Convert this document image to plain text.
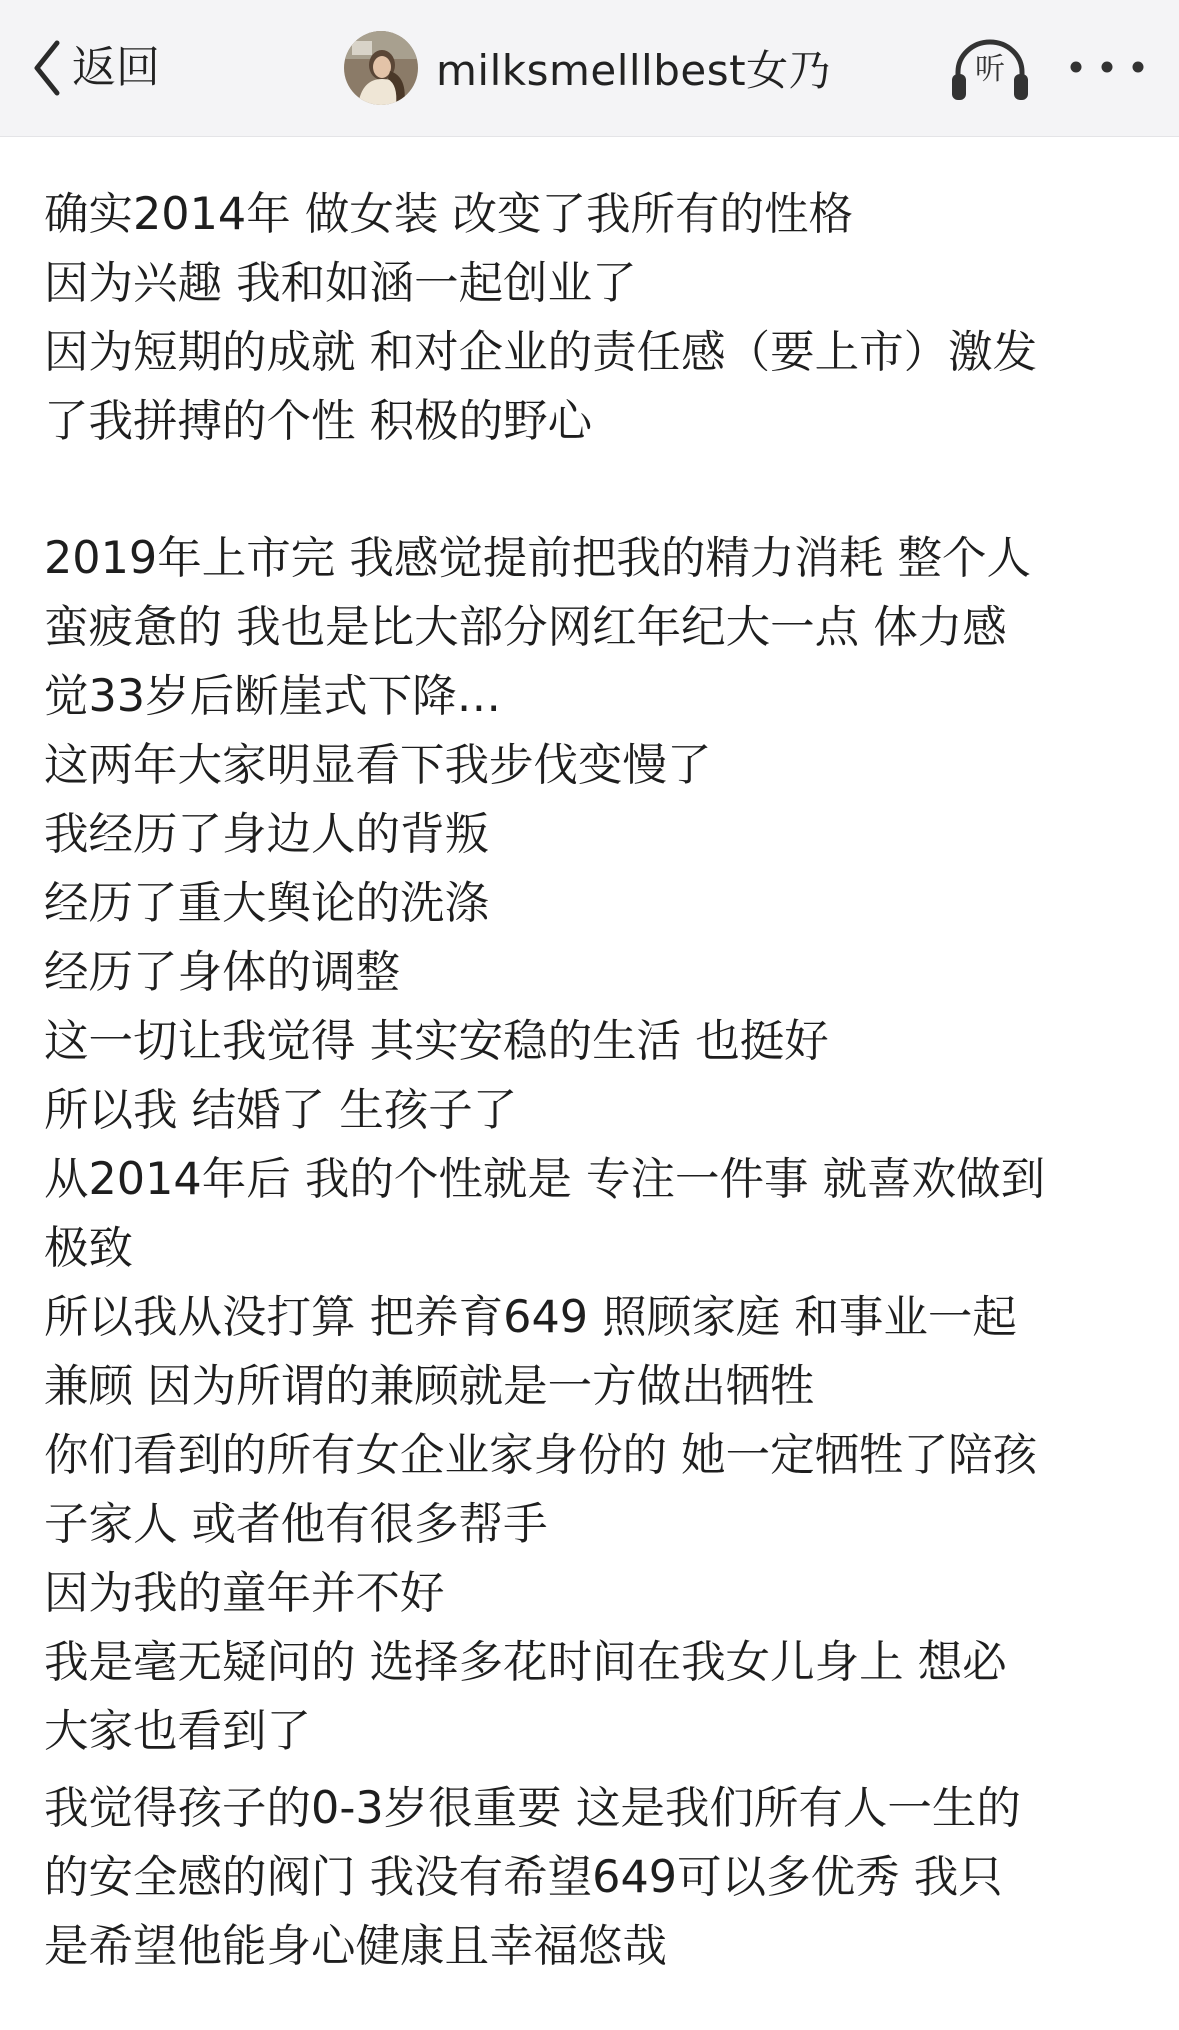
返回	milksmelllbest女乃	听
确实2014年 做女装 改变了我所有的性格
因为兴趣 我和如涵一起创业了
因为短期的成就 和对企业的责任感（要上市）激发
了我拼搏的个性 积极的野心
2019年上市完 我感觉提前把我的精力消耗 整个人
蛮疲惫的 我也是比大部分网红年纪大一点 体力感
觉33岁后断崖式下降…
这两年大家明显看下我步伐变慢了
我经历了身边人的背叛
经历了重大舆论的洗涤
经历了身体的调整
这一切让我觉得 其实安稳的生活 也挺好
所以我 结婚了 生孩子了
从2014年后 我的个性就是 专注一件事 就喜欢做到
极致
所以我从没打算 把养育649 照顾家庭 和事业一起
兼顾 因为所谓的兼顾就是一方做出牺牲
你们看到的所有女企业家身份的 她一定牺牲了陪孩
子家人 或者他有很多帮手
因为我的童年并不好
我是毫无疑问的 选择多花时间在我女儿身上 想必
大家也看到了
我觉得孩子的0-3岁很重要 这是我们所有人一生的
的安全感的阀门 我没有希望649可以多优秀 我只
是希望他能身心健康且幸福悠哉
